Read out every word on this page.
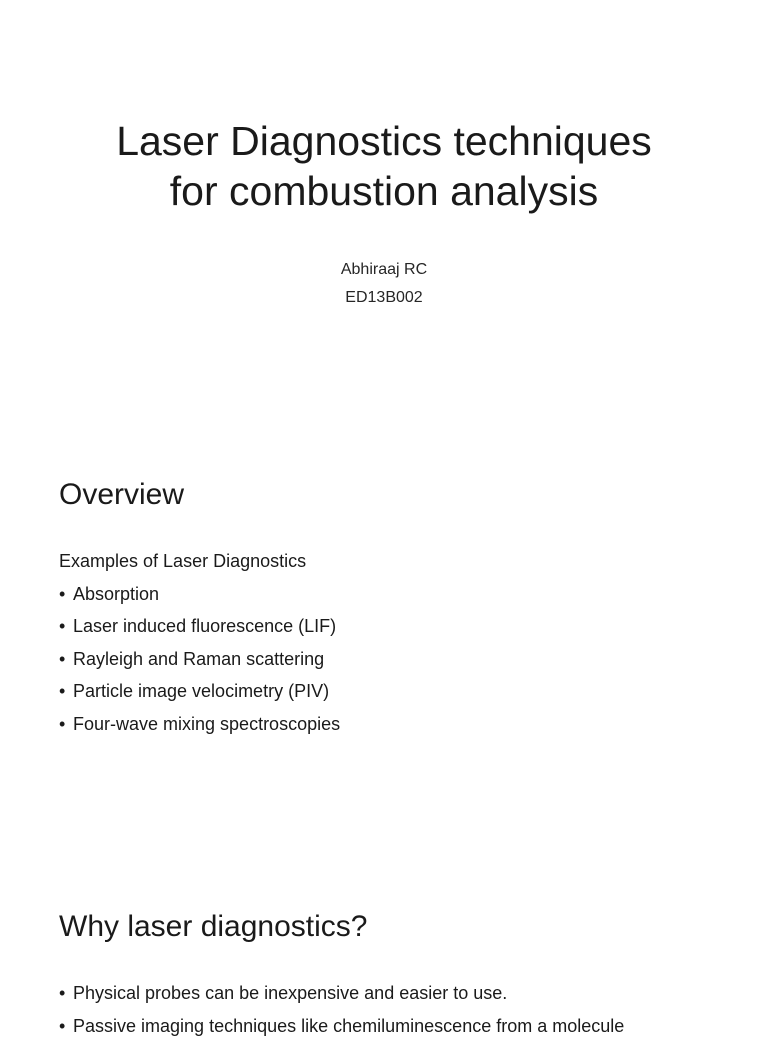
Laser Diagnostics techniques
for combustion analysis
Abhiraaj RC
ED13B002
Overview

Examples of Laser Diagnostics

• Absorption
• Laser induced fluorescence (LIF)
• Rayleigh and Raman scattering
• Particle image velocimetry (PIV)
• Four-wave mixing spectroscopies
Why laser diagnostics?
• Physical probes can be inexpensive and easier to use.
• Passive imaging techniques like chemiluminescence from a molecule
